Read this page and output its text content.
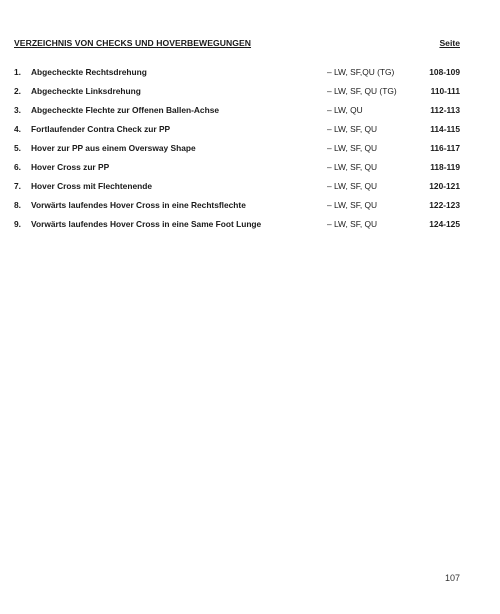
VERZEICHNIS VON CHECKS UND HOVERBEWEGUNGEN	Seite
1. Abgecheckte Rechtsdrehung	– LW, SF,QU (TG)	108-109
2. Abgecheckte Linksdrehung	– LW, SF, QU (TG)	110-111
3. Abgecheckte Flechte zur Offenen Ballen-Achse	– LW, QU	112-113
4. Fortlaufender Contra Check zur PP	– LW, SF, QU	114-115
5. Hover zur PP aus einem Oversway Shape	– LW, SF, QU	116-117
6. Hover Cross zur PP	– LW, SF, QU	118-119
7. Hover Cross mit Flechtenende	– LW, SF, QU	120-121
8. Vorwärts laufendes Hover Cross in eine Rechtsflechte	– LW, SF, QU	122-123
9. Vorwärts laufendes Hover Cross in eine Same Foot Lunge	– LW, SF, QU	124-125
107
